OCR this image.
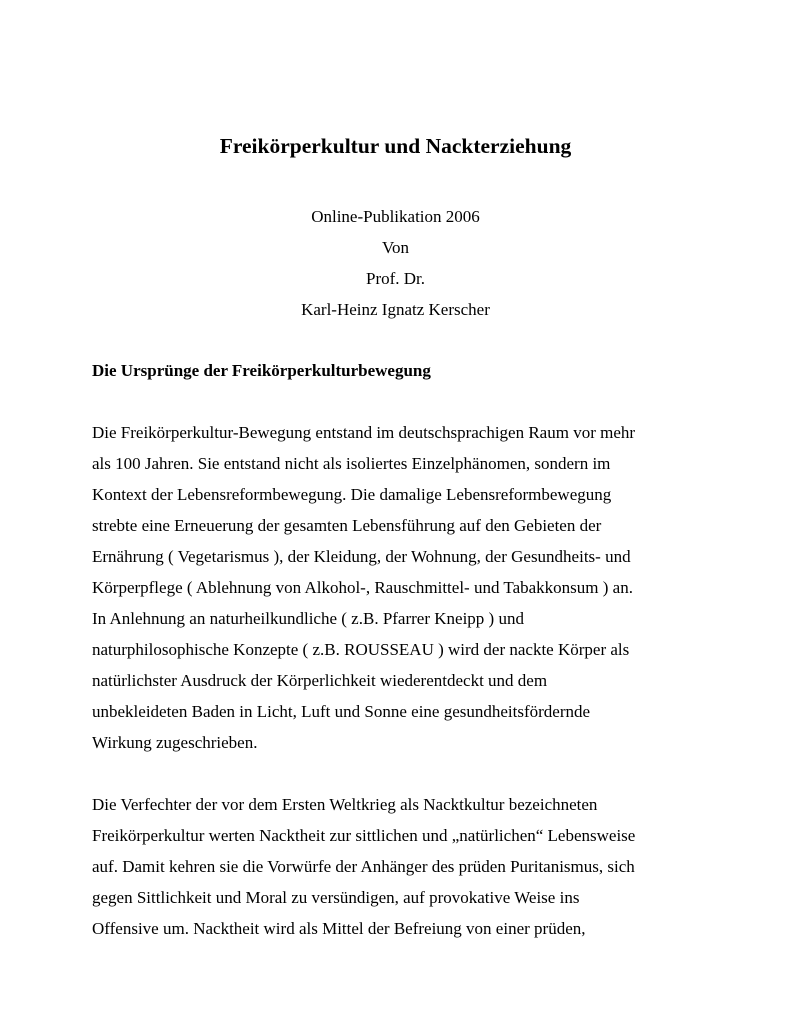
Freikörperkultur und Nackterziehung
Online-Publikation 2006
Von
Prof. Dr.
Karl-Heinz Ignatz Kerscher
Die Ursprünge der Freikörperkulturbewegung

Die Freikörperkultur-Bewegung entstand im deutschsprachigen Raum vor mehr
als 100 Jahren. Sie entstand nicht als isoliertes Einzelphänomen, sondern im
Kontext der Lebensreformbewegung. Die damalige Lebensreformbewegung
strebte eine Erneuerung der gesamten Lebensführung auf den Gebieten der
Ernährung ( Vegetarismus ), der Kleidung, der Wohnung, der Gesundheits- und
Körperpflege ( Ablehnung von Alkohol-, Rauschmittel- und Tabakkonsum ) an.
In Anlehnung an naturheilkundliche ( z.B. Pfarrer Kneipp ) und
naturphilosophische Konzepte ( z.B. ROUSSEAU ) wird der nackte Körper als
natürlichster Ausdruck der Körperlichkeit wiederentdeckt und dem
unbekleideten Baden in Licht, Luft und Sonne eine gesundheitsfördernde
Wirkung zugeschrieben.

Die Verfechter der vor dem Ersten Weltkrieg als Nacktkultur bezeichneten
Freikörperkultur werten Nacktheit zur sittlichen und „natürlichen“ Lebensweise
auf. Damit kehren sie die Vorwürfe der Anhänger des prüden Puritanismus, sich
gegen Sittlichkeit und Moral zu versündigen, auf provokative Weise ins
Offensive um. Nacktheit wird als Mittel der Befreiung von einer prüden,
